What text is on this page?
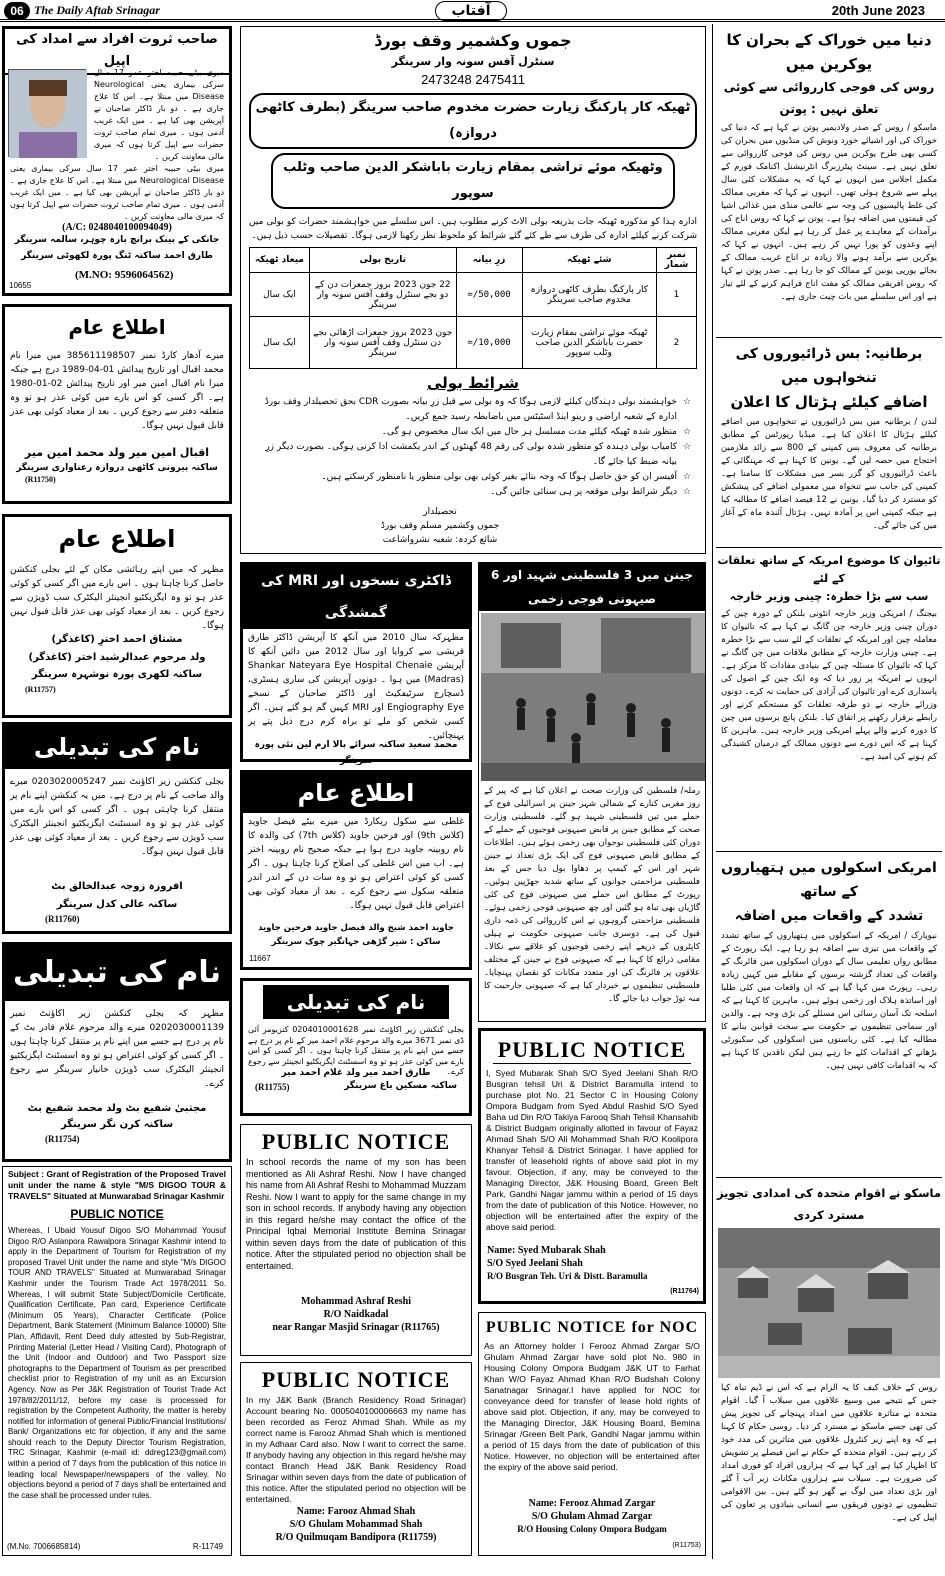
06 The Daily Aftab Srinagar	آفتاب	20th June 2023
صاحب ثروت افراد سے امداد کی اپیل
میری بیٹی حبیبہ اختر عمر 17 سال سرکی بیماری یعنی Neurological Disease میں مبتلا ہے۔ اس کا علاج جاری ہے ۔ دو بار ڈاکٹر صاحبان نے آپریشن بھی کیا ہے ۔ میں ایک غریب آدمی ہوں ۔ میری تمام صاحب ثروت حضرات سے اپیل کرتا ہوں کہ میری مالی معاونت کریں ۔
میری بیٹی حبیبہ اختر عمر 17 سال سرکی بیماری یعنی Neurological Disease میں مبتلا ہے۔ اس کا علاج جاری ہے ۔ دو بار ڈاکٹر صاحبان نے آپریشن بھی کیا ہے ۔ میں ایک غریب آدمی ہوں ۔ میری تمام صاحب ثروت حضرات سے اپیل کرتا ہوں کہ میری مالی معاونت کریں ۔
(A/C: 0248040100094049)
جانکی کے بینک برانچ بارہ چوہر، سالمہ سرینگر
طارق احمد ساکنہ ٹنگ پورہ لکھوٹی سرینگر
(M.NO: 9596064562)
10655
اطلاع عام
میرے آدھار کارڈ نمبر 385611198507 میں میرا نام محمد اقبال اور تاریخ پیدائش 01-04-1989 درج ہے جبکہ میرا نام اقبال امین میر اور تاریخ پیدائش 02-01-1980 ہے۔ اگر کسی کو اس بارے میں کوئی عذر ہو تو وہ متعلقہ دفتر سے رجوع کریں ۔ بعد از معیاد کوئی بھی عذر قابل قبول نہیں ہوگا۔
اقبال امین میر ولد محمد امین میر
ساکنہ بیرونی کاٹھی دروازہ رعناواری سرینگر
(R11750)
اطلاع عام
مظہر کہ میں اپنے رہائشی مکان کے لئے بجلی کنکشن حاصل کرنا چاہتا ہوں ۔ اس بارے میں اگر کسی کو کوئی عذر ہو تو وہ ایگزیکٹیو انجینئر الیکٹرک سب ڈویژن سے رجوع کریں ۔ بعد از معیاد کوئی بھی عذر قابل قبول نہیں ہوگا۔
مشتاق احمد اخترِ (کاغذگر)
ولد مرحوم عبدالرشید اختر (کاغذگر)
ساکنہ لکھری پورہ نوشہرہ سرینگر
(R11757)
نام کی تبدیلی
بجلی کنکشن زیر اکاؤنٹ نمبر 0203020005247 میرے والد صاحب کے نام پر درج ہے۔ میں یہ کنکشن اپنے نام پر منتقل کرنا چاہتی ہوں ۔ اگر کسی کو اس بارے میں کوئی عذر ہو تو وہ اسسٹنٹ ایگزیکٹیو انجینئر الیکٹرک سب ڈویژن سے رجوع کریں ۔ بعد از معیاد کوئی بھی عذر قابل قبول نہیں ہوگا۔
افروزہ زوجہ عبدالخالق بٹ
ساکنہ عالی کدل سرینگر
(R11760)
نام کی تبدیلی
مظہر کہ بجلی کنکشن زیر اکاؤنٹ نمبر 0202030001139 میرے والد مرحوم غلام قادر بٹ کے نام پر درج ہے جسے میں اپنے نام پر منتقل کرنا چاہتا ہوں ۔ اگر کسی کو کوئی اعتراض ہو تو وہ اسسٹنٹ ایگزیکٹیو انجینئر الیکٹرک سب ڈویژن خانیار سرینگر سے رجوع کرے۔
مجتبیٰ شفیع بٹ ولد محمد شفیع بٹ
ساکنہ کرن نگر سرینگر
(R11754)
Subject : Grant of Registration of the Proposed Travel unit under the name & style "M/S DIGOO TOUR & TRAVELS" Situated at Munwarabad Srinagar Kashmir
PUBLIC NOTICE
Whereas, I Ubaid Yousuf Digoo S/O Mohammad Yousuf Digoo R/O Aslanpora Rawalpora Srinagar Kashmir intend to apply in the Department of Tourism for Registration of my proposed Travel Unit under the name and style "M/s DIGOO TOUR AND TRAVELS" Situated at Munwarabad Srinagar Kashmir under the Tourism Trade Act 1978/2011 So. Whereas, I will submit State Subject/Domicile Certificate, Qualification Certificate, Pan card, Experience Certificate (Minimum 05 Years), Character Certificate (Police Department, Bank Statement (Minimum Balance 10000) Site Plan, Affidavit, Rent Deed duly attested by Sub-Registrar, Printing Material (Letter Head / Visiting Card), Photograph of the Unit (Indoor and Outdoor) and Two Passport size photographs to the Department of Tourism as per prescribed checklist prior to Registration of my unit as an Excursion Agency. Now as Per J&K Registration of Tourist Trade Act 1978/82/2011/12, before my case is processed for registration by the Competent Authority, the matter is hereby notified for information of general Public/Financial Institutions/ Bank/ Organizations etc for objection, if any and the same should reach to the Deputy Director Tourism Registration, TRC Srinagar, Kashmir (e-mail id: ddreg123@gmail.com) within a period of 7 days from the publication of this notice in leading local Newspaper/newspapers of the valley. No objections beyond a period of 7 days shall be entertained and the case shall be processed under rules.
(M.No. 7006685814)	R-11749
جموں وکشمیر وقف بورڈ
سنٹرل آفس سونہ وار سرینگر
2473248 2475411
ٹھیکہ کار پارکنگ زیارت حضرت مخدوم صاحب سرینگر (بطرف کاٹھی دروازہ)
وٹھیکہ موئے تراشی بمقام زیارت باباشکر الدین صاحب وٹلب سوپور
ادارہ ہذا کو مذکورہ ٹھیکہ جات بذریعہ بولی الاٹ کرنے مطلوب ہیں۔ اس سلسلے میں خواہشمند حضرات کو بولی میں شرکت کرنے کیلئے ادارہ کی طرف سے طے کئے گئے شرائط کو ملحوظ نظر رکھنا لازمی ہوگا۔ تفصیلات حسب ذیل ہیں۔
نمبر شمار	شئے ٹھیکہ	زرِ بیانہ	تاریخ بولی	میعاد ٹھیکہ
1	کار پارکنگ بطرف کاٹھی دروازہ مخدوم صاحب سرینگر	50,000/=	22 جون 2023 بروز جمعرات دن کے دو بجے سنٹرل وقف آفس سونہ وار سرینگر	ایک سال
2	ٹھیکہ موئے تراشی بمقام زیارت حضرت باباشکر الدین صاحب وٹلب سوپور	10,000/=	جون 2023 بروز جمعرات اڑھائی بجے دن سنٹرل وقف آفس سونہ وار سرینگر	ایک سال
شرائط بولی
☆ خواہشمند بولی دہندگان کیلئے لازمی ہوگا کہ وہ بولی سے قبل زرِ بیانہ بصورت CDR بحق تحصیلدار وقف بورڈ ادارہ کے شعبہ اراضی و رینو اینڈ اسٹیٹس میں باضابطہ رسید جمع کریں۔
☆ منظور شدہ ٹھیکہ کیلئے مدت مسلسل ہر حال میں ایک سال مخصوص ہو گی۔
☆ کامیاب بولی دہندہ کو منظور شدہ بولی کی رقم 48 گھنٹوں کے اندر یکمشت ادا کرنی ہوگی۔ بصورت دیگر زرِ بیانہ ضبط کیا جائے گا۔
☆ آفیسر ان کو حق حاصل ہوگا کہ وجہ بتائے بغیر کوئی بھی بولی منظور یا نامنظور کرسکتے ہیں۔
☆ دیگر شرائط بولی موقعہ پر ہی سنائی جائیں گی۔
تحصیلدار
جموں وکشمیر مسلم وقف بورڈ
شائع کردہ: شعبہ نشرواشاعت
ڈاکٹری نسخوں اور MRI کی گمشدگی
مظہرکہ سال 2010 میں آنکھ کا آپریشن ڈاکٹر طارق قریشی سے کروایا اور سال 2012 میں دائیں آنکھ کا آپریشن Shankar Nateyara Eye Hospital Chenaie (Madras) میں ہوا ۔ دونوں آپریشن کی ساری ہسٹری، ڈسچارج سرٹیفکیٹ اور ڈاکٹر صاحبان کے نسخے Engiography Eye اور MRI کہیں گم ہو گئے ہیں۔ اگر کسی شخص کو ملے تو براہ کرم درج ذیل پتے پر پہنچائیں۔
محمد سعید ساکنہ سرائے بالا ارم لین نئی پورہ سرینگر
اطلاع عام
غلطی سے سکول ریکارڈ میں میرے بیٹے فیصل جاوید (کلاس 9th) اور فرحین جاوید (کلاس 7th) کی والدہ کا نام روبینہ جاوید درج ہوا ہے جبکہ صحیح نام روبینہ اختر ہے۔ اب میں اس غلطی کی اصلاح کرنا چاہتا ہوں ۔ اگر کسی کو کوئی اعتراض ہو تو وہ سات دن کے اندر اندر متعلقہ سکول سے رجوع کرے ۔ بعد از معیاد کوئی بھی اعتراض قابل قبول نہیں ہوگا۔
جاوید احمد شیخ والد فیصل جاوید فرحین جاوید
ساکن : شیر گڑھی جہانگیر چوک سرینگر
11667
نام کی تبدیلی
بجلی کنکشن زیر اکاؤنٹ نمبر 0204010001628 کنزیومر آئی ڈی نمبر 3671 میرے والد مرحوم غلام احمد میر کے نام پر درج ہے جسے میں اپنے نام پر منتقل کرنا چاہتا ہوں ۔ اگر کسی کو اس بارے میں کوئی عذر ہو تو وہ اسسٹنٹ ایگزیکٹیو انجینئر سے رجوع کرے۔
طارق احمد میر ولد غلام احمد میر
(R11755)	ساکنہ مسکین باغ سرینگر
PUBLIC NOTICE
In school records the name of my son has been mentioned as Ali Ashraf Reshi. Now I have changed his name from Ali Ashraf Reshi to Mohammad Muzzam Reshi. Now I want to apply for the same change in my son in school records. If anybody having any objection in this regard he/she may contact the office of the Principal Iqbal Memorial Institute Bemina Srinagar within seven days from the date of publication of this notice. After the stipulated period no objection shall be entertained.
Mohammad Ashraf Reshi
R/O Naidkadal
near Rangar Masjid Srinagar (R11765)
PUBLIC NOTICE
In my J&K Bank (Branch Residency Road Srinagar) Account bearing No. 0005040100006663 my name has been recorded as Feroz Ahmad Shah. While as my correct name is Farooz Ahmad Shah which is mentioned in my Adhaar Card also. Now I want to correct the same. If anybody having any objection in this regard he/she may contact Branch Head J&K Bank Residency Road Srinagar within seven days from the date of publication of this notice. After the stipulated period no objection will be entertained.
Name: Farooz Ahmad Shah
S/O Ghulam Mohammad Shah
R/O Quilmuqam Bandipora (R11759)
جینن میں 3 فلسطینی شہید اور 6 صیہونی فوجی زخمی
رملہ/ فلسطین کی وزارت صحت نے اعلان کیا ہے کہ پیر کے روز مغربی کنارے کے شمالی شہر جینن پر اسرائیلی فوج کے حملے میں تین فلسطینی شہید ہو گئے۔ فلسطینی وزارت صحت کے مطابق جینن پر قابض صیہونی فوجیوں کے حملے کے دوران کئی فلسطینی نوجوان بھی زخمی ہوئے ہیں۔ اطلاعات کے مطابق قابض صیہونی فوج کی ایک بڑی تعداد نے جینن شہر اور اس کے کیمپ پر دھاوا بول دیا جس کے بعد فلسطینی مزاحمتی جوانوں کے ساتھ شدید جھڑپیں ہوئیں۔ رپورٹ کے مطابق اس حملے میں صیہونی فوج کی کئی گاڑیاں بھی تباہ ہو گئیں اور چھ صیہونی فوجی زخمی ہوئے۔ فلسطینی مزاحمتی گروہوں نے اس کارروائی کی ذمہ داری قبول کی ہے۔ دوسری جانب صیہونی حکومت نے ہیلی کاپٹروں کے ذریعے اپنے زخمی فوجیوں کو علاقے سے نکالا۔ مقامی ذرائع کا کہنا ہے کہ صیہونی فوج نے جینن کے مختلف علاقوں پر فائرنگ کی اور متعدد مکانات کو نقصان پہنچایا۔ فلسطینی تنظیموں نے خبردار کیا ہے کہ صیہونی جارحیت کا منہ توڑ جواب دیا جائے گا۔
PUBLIC NOTICE
I, Syed Mubarak Shah S/O Syed Jeelani Shah R/O Busgran tehsil Uri & District Baramulla intend to purchase plot No. 21 Sector C in Housing Colony Ompora Budgam from Syed Abdul Rashid S/O Syed Baha ud Din R/O Takiya Farooq Shah Tehsil Khansahib & District Budgam originally allotted in favour of Fayaz Ahmad Shah S/O Ali Mohammad Shah R/O Koolipora Khanyar Tehsil & District Srinagar. I have applied for transfer of leasehold rights of above said plot in my favour. Objection, if any, may be conveyed to the Managing Director, J&K Housing Board, Green Belt Park, Gandhi Nagar jammu within a period of 15 days from the date of publication of this Notice. However, no objection will be entertained after the expiry of the above said period.
Name: Syed Mubarak Shah
S/O Syed Jeelani Shah
R/O Busgran Teh. Uri & Distt. Baramulla
(R11764)
PUBLIC NOTICE for NOC
As an Attorney holder I Ferooz Ahmad Zargar S/O Ghulam Ahmad Zargar have sold plot No. 980 in Housing Colony Ompora Budgam J&K UT to Farhat Khan W/O Fayaz Ahmad Khan R/O Budshah Colony Sanatnagar Srinagar.I have applied for NOC for conveyance deed for transfer of lease hold rights of above said plot. Objection, if any, may be conveyed to the Managing Director, J&K Housing Board, Bemina Srinagar /Green Belt Park, Gandhi Nagar jammu within a period of 15 days from the date of publication of this Notice. However, no objection will be entertained after the expiry of the above said period.
Name: Ferooz Ahmad Zargar
S/O Ghulam Ahmad Zargar
R/O Housing Colony Ompora Budgam
(R11753)
دنیا میں خوراک کے بحران کا یوکرین میں
روس کی فوجی کارروائی سے کوئی تعلق نہیں : پوتن
ماسکو / روس کے صدر ولادیمیر پوتن نے کہا ہے کہ دنیا کی خوراک کی اور اشیائے خورد ونوش کی منڈیوں میں بحران کی کسی بھی طرح یوکرین میں روس کی فوجی کارروائی سے تعلق نہیں ہے۔ سینٹ پیٹرزبرگ انٹرنیشنل اکنامک فورم کے مکمل اجلاس میں انہوں نے کہا کہ یہ مشکلات کئی سال پہلے سے شروع ہوئی تھیں۔ انہوں نے کہا کہ مغربی ممالک کی غلط پالیسیوں کی وجہ سے عالمی منڈی میں غذائی اشیا کی قیمتوں میں اضافہ ہوا ہے۔ پوتن نے کہا کہ روس اناج کی برآمدات کے معاہدے پر عمل کر رہا ہے لیکن مغربی ممالک اپنے وعدوں کو پورا نہیں کر رہے ہیں۔ انہوں نے کہا کہ یوکرین سے برآمد ہونے والا زیادہ تر اناج غریب ممالک کے بجائے یورپی یونین کے ممالک کو جا رہا ہے۔ صدر پوتن نے کہا کہ روس افریقی ممالک کو مفت اناج فراہم کرنے کے لئے تیار ہے اور اس سلسلے میں بات چیت جاری ہے۔
برطانیہ: بس ڈرائیوروں کی تنخواہوں میں
اضافے کیلئے ہڑتال کا اعلان
لندن / برطانیہ میں بس ڈرائیوروں نے تنخواہوں میں اضافے کیلئے ہڑتال کا اعلان کیا ہے۔ میڈیا رپورٹس کے مطابق برطانیہ کی معروف بس کمپنی کے 800 سے زائد ملازمین احتجاج میں حصہ لیں گے۔ یونین کا کہنا ہے کہ مہنگائی کے باعث ڈرائیوروں کو گزر بسر میں مشکلات کا سامنا ہے۔ کمپنی کی جانب سے تنخواہ میں معمولی اضافے کی پیشکش کو مسترد کر دیا گیا۔ یونین نے 12 فیصد اضافے کا مطالبہ کیا ہے جبکہ کمپنی اس پر آمادہ نہیں۔ ہڑتال آئندہ ماہ کے آغاز میں کی جائے گی۔
تائیوان کا موضوع امریکہ کے ساتھ تعلقات کے لئے
سب سے بڑا خطرہ: چینی وزیر خارجہ
بیجنگ / امریکی وزیر خارجہ انٹونی بلنکن کے دورہ چین کے دوران چینی وزیر خارجہ چن گانگ نے کہا ہے کہ تائیوان کا معاملہ چین اور امریکہ کے تعلقات کے لئے سب سے بڑا خطرہ ہے۔ چینی وزارت خارجہ کے مطابق ملاقات میں چن گانگ نے کہا کہ تائیوان کا مسئلہ چین کے بنیادی مفادات کا مرکز ہے۔ انہوں نے امریکہ پر زور دیا کہ وہ ایک چین کے اصول کی پاسداری کرے اور تائیوان کی آزادی کی حمایت نہ کرے۔ دونوں وزرائے خارجہ نے دو طرفہ تعلقات کو مستحکم کرنے اور رابطے برقرار رکھنے پر اتفاق کیا۔ بلنکن پانچ برسوں میں چین کا دورہ کرنے والے پہلے امریکی وزیر خارجہ ہیں۔ ماہرین کا کہنا ہے کہ اس دورے سے دونوں ممالک کے درمیان کشیدگی کم ہونے کی امید ہے۔
امریکی اسکولوں میں ہتھیاروں کے ساتھ
تشدد کے واقعات میں اضافہ
نیویارک / امریکہ کے اسکولوں میں ہتھیاروں کے ساتھ تشدد کے واقعات میں تیزی سے اضافہ ہو رہا ہے۔ ایک رپورٹ کے مطابق رواں تعلیمی سال کے دوران اسکولوں میں فائرنگ کے واقعات کی تعداد گزشتہ برسوں کے مقابلے میں کہیں زیادہ رہی۔ رپورٹ میں کہا گیا ہے کہ ان واقعات میں کئی طلبا اور اساتذہ ہلاک اور زخمی ہوئے ہیں۔ ماہرین کا کہنا ہے کہ اسلحہ تک آسان رسائی اس مسئلے کی بڑی وجہ ہے۔ والدین اور سماجی تنظیموں نے حکومت سے سخت قوانین بنانے کا مطالبہ کیا ہے۔ کئی ریاستوں میں اسکولوں کی سکیورٹی بڑھانے کے اقدامات کئے جا رہے ہیں لیکن ناقدین کا کہنا ہے کہ یہ اقدامات کافی نہیں ہیں۔
ماسکو نے اقوام متحدہ کی امدادی تجویز مسترد کردی
روس کے خلاف کیف کا یہ الزام ہے کہ اس نے ڈیم تباہ کیا جس کے نتیجے میں وسیع علاقوں میں سیلاب آ گیا۔ اقوام متحدہ نے متاثرہ علاقوں میں امداد پہنچانے کی تجویز پیش کی تھی جسے ماسکو نے مسترد کر دیا۔ روسی حکام کا کہنا ہے کہ وہ اپنے زیر کنٹرول علاقوں میں متاثرین کی مدد خود کر رہے ہیں۔ اقوام متحدہ کے حکام نے اس فیصلے پر تشویش کا اظہار کیا ہے اور کہا ہے کہ ہزاروں افراد کو فوری امداد کی ضرورت ہے۔ سیلاب سے ہزاروں مکانات زیر آب آ گئے اور بڑی تعداد میں لوگ بے گھر ہو گئے ہیں۔ بین الاقوامی تنظیموں نے دونوں فریقوں سے انسانی بنیادوں پر تعاون کی اپیل کی ہے۔
